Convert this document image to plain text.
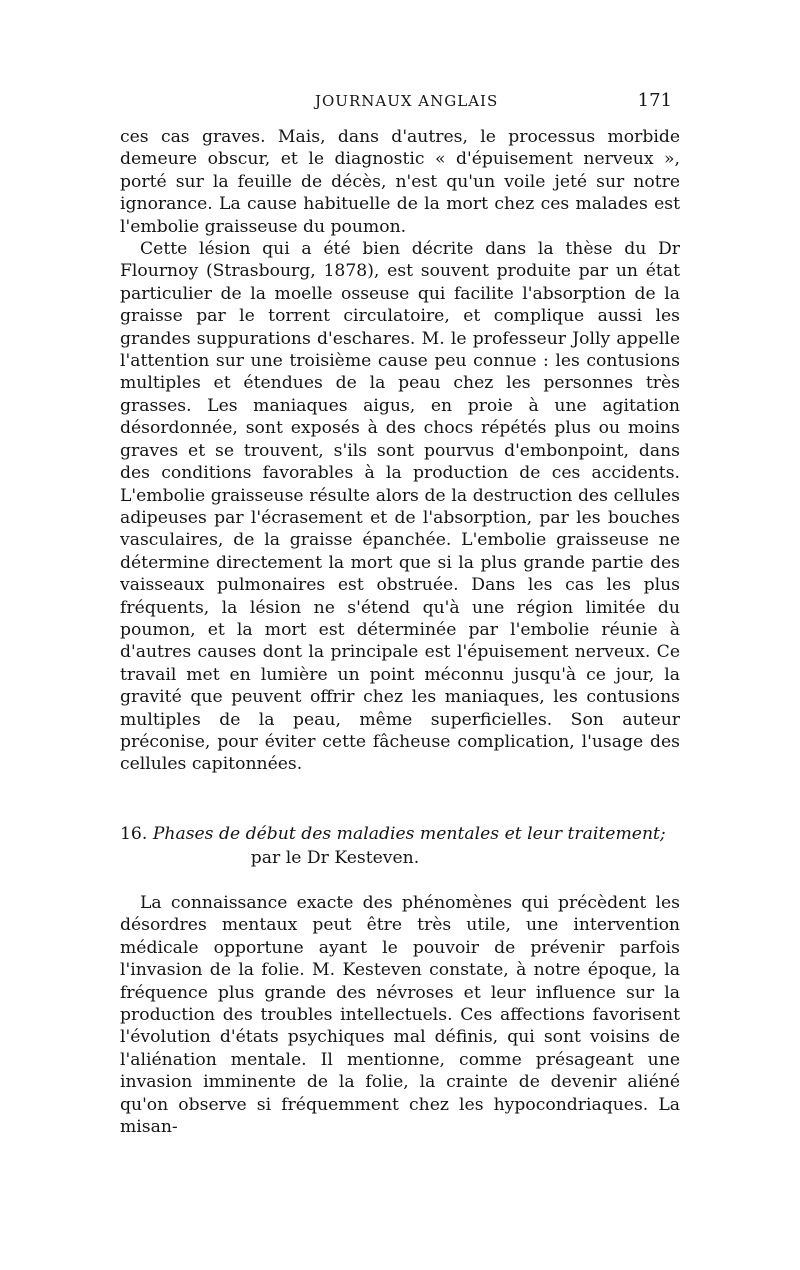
JOURNAUX ANGLAIS	171

ces cas graves. Mais, dans d'autres, le processus morbide demeure obscur, et le diagnostic « d'épuisement nerveux », porté sur la feuille de décès, n'est qu'un voile jeté sur notre ignorance. La cause habituelle de la mort chez ces malades est l'embolie graisseuse du poumon.

Cette lésion qui a été bien décrite dans la thèse du Dr Flournoy (Strasbourg, 1878), est souvent produite par un état particulier de la moelle osseuse qui facilite l'absorption de la graisse par le torrent circulatoire, et complique aussi les grandes suppurations d'eschares. M. le professeur Jolly appelle l'attention sur une troisième cause peu connue : les contusions multiples et étendues de la peau chez les personnes très grasses. Les maniaques aigus, en proie à une agitation désordonnée, sont exposés à des chocs répétés plus ou moins graves et se trouvent, s'ils sont pourvus d'embonpoint, dans des conditions favorables à la production de ces accidents. L'embolie graisseuse résulte alors de la destruction des cellules adipeuses par l'écrasement et de l'absorption, par les bouches vasculaires, de la graisse épanchée. L'embolie graisseuse ne détermine directement la mort que si la plus grande partie des vaisseaux pulmonaires est obstruée. Dans les cas les plus fréquents, la lésion ne s'étend qu'à une région limitée du poumon, et la mort est déterminée par l'embolie réunie à d'autres causes dont la principale est l'épuisement nerveux. Ce travail met en lumière un point méconnu jusqu'à ce jour, la gravité que peuvent offrir chez les maniaques, les contusions multiples de la peau, même superficielles. Son auteur préconise, pour éviter cette fâcheuse complication, l'usage des cellules capitonnées.

16. Phases de début des maladies mentales et leur traitement;
par le Dr Kesteven.

La connaissance exacte des phénomènes qui précèdent les désordres mentaux peut être très utile, une intervention médicale opportune ayant le pouvoir de prévenir parfois l'invasion de la folie. M. Kesteven constate, à notre époque, la fréquence plus grande des névroses et leur influence sur la production des troubles intellectuels. Ces affections favorisent l'évolution d'états psychiques mal définis, qui sont voisins de l'aliénation mentale. Il mentionne, comme présageant une invasion imminente de la folie, la crainte de devenir aliéné qu'on observe si fréquemment chez les hypocondriaques. La misan-
